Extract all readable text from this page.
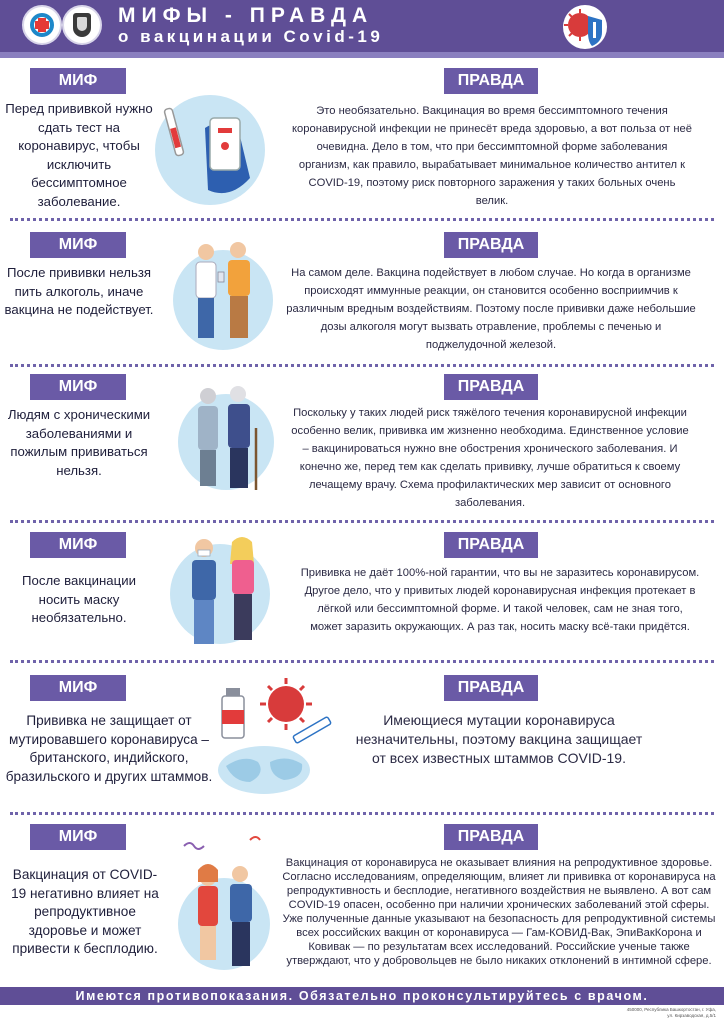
МИФЫ - ПРАВДА
о вакцинации Covid-19
МИФ	ПРАВДА
Перед прививкой нужно сдать тест на коронавирус, чтобы исключить бессимптомное заболевание.
Это необязательно. Вакцинация во время бессимптомного течения коронавирусной инфекции не принесёт вреда здоровью, а вот польза от неё очевидна. Дело в том, что при бессимптомной форме заболевания организм, как правило, вырабатывает минимальное количество антител к COVID-19, поэтому риск повторного заражения у таких больных очень велик.
МИФ	ПРАВДА
После прививки нельзя пить алкоголь, иначе вакцина не подействует.
На самом деле. Вакцина подействует в любом случае. Но когда в организме происходят иммунные реакции, он становится особенно восприимчив к различным вредным воздействиям. Поэтому после прививки даже небольшие дозы алкоголя могут вызвать отравление, проблемы с печенью и поджелудочной железой.
МИФ	ПРАВДА
Людям с хроническими заболеваниями и пожилым прививаться нельзя.
Поскольку у таких людей риск тяжёлого течения коронавирусной инфекции особенно велик, прививка им жизненно необходима. Единственное условие – вакцинироваться нужно вне обострения хронического заболевания. И конечно же, перед тем как сделать прививку, лучше обратиться к своему лечащему врачу. Схема профилактических мер зависит от основного заболевания.
МИФ	ПРАВДА
После вакцинации носить маску необязательно.
Прививка не даёт 100%-ной гарантии, что вы не заразитесь коронавирусом. Другое дело, что у привитых людей коронавирусная инфекция протекает в лёгкой или бессимптомной форме. И такой человек, сам не зная того, может заразить окружающих. А раз так, носить маску всё-таки придётся.
МИФ	ПРАВДА
Прививка не защищает от мутировавшего коронавируса – британского, индийского, бразильского и других штаммов.
Имеющиеся мутации коронавируса незначительны, поэтому вакцина защищает от всех известных штаммов COVID-19.
МИФ	ПРАВДА
Вакцинация от COVID-19 негативно влияет на репродуктивное здоровье и может привести к бесплодию.
Вакцинация от коронавируса не оказывает влияния на репродуктивное здоровье. Согласно исследованиям, определяющим, влияет ли прививка от коронавируса на репродуктивность и бесплодие, негативного воздействия не выявлено. А вот сам COVID-19 опасен, особенно при наличии хронических заболеваний этой сферы. Уже полученные данные указывают на безопасность для репродуктивной системы всех российских вакцин от коронавируса — Гам-КОВИД-Вак, ЭпиВакКорона и Ковивак — по результатам всех исследований. Российские ученые также утверждают, что у добровольцев не было никаких отклонений в интимной сфере.
Имеются противопоказания. Обязательно проконсультируйтесь с врачом.
450000, Республика Башкортостан, г. Уфа, ул. Кирзаводская, д.5/1
